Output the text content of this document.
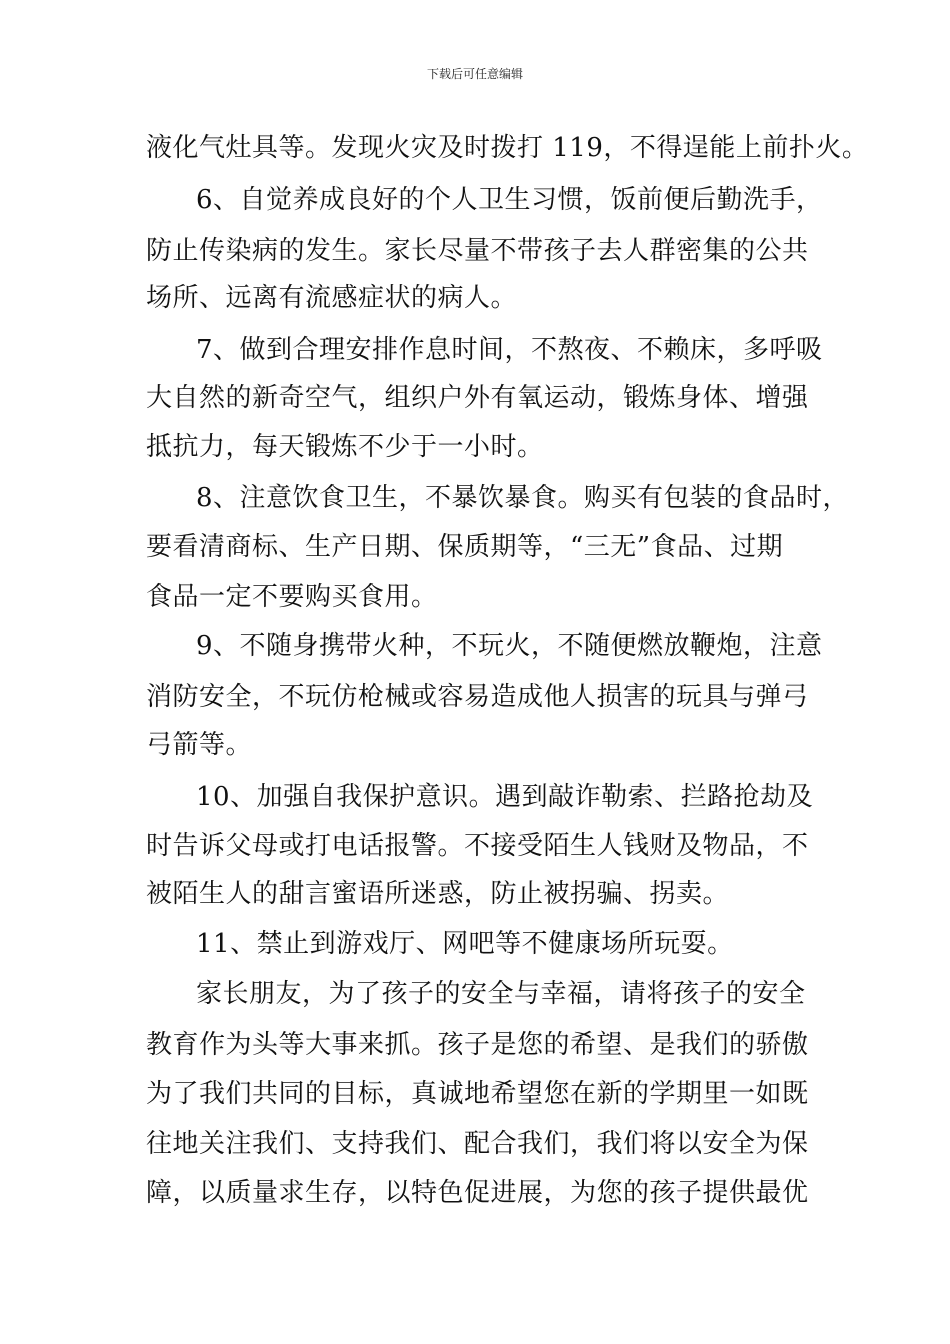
下载后可任意编辑
液化气灶具等。发现火灾及时拨打 119，不得逞能上前扑火。
6、自觉养成良好的个人卫生习惯，饭前便后勤洗手，
防止传染病的发生。家长尽量不带孩子去人群密集的公共
场所、远离有流感症状的病人。
7、做到合理安排作息时间，不熬夜、不赖床，多呼吸
大自然的新奇空气，组织户外有氧运动，锻炼身体、增强
抵抗力，每天锻炼不少于一小时。
8、注意饮食卫生，不暴饮暴食。购买有包装的食品时，
要看清商标、生产日期、保质期等，“三无”食品、过期
食品一定不要购买食用。
9、不随身携带火种，不玩火，不随便燃放鞭炮，注意
消防安全，不玩仿枪械或容易造成他人损害的玩具与弹弓
弓箭等。
10、加强自我保护意识。遇到敲诈勒索、拦路抢劫及
时告诉父母或打电话报警。不接受陌生人钱财及物品，不
被陌生人的甜言蜜语所迷惑，防止被拐骗、拐卖。
11、禁止到游戏厅、网吧等不健康场所玩耍。
家长朋友，为了孩子的安全与幸福，请将孩子的安全
教育作为头等大事来抓。孩子是您的希望、是我们的骄傲
为了我们共同的目标，真诚地希望您在新的学期里一如既
往地关注我们、支持我们、配合我们，我们将以安全为保
障，以质量求生存，以特色促进展，为您的孩子提供最优
